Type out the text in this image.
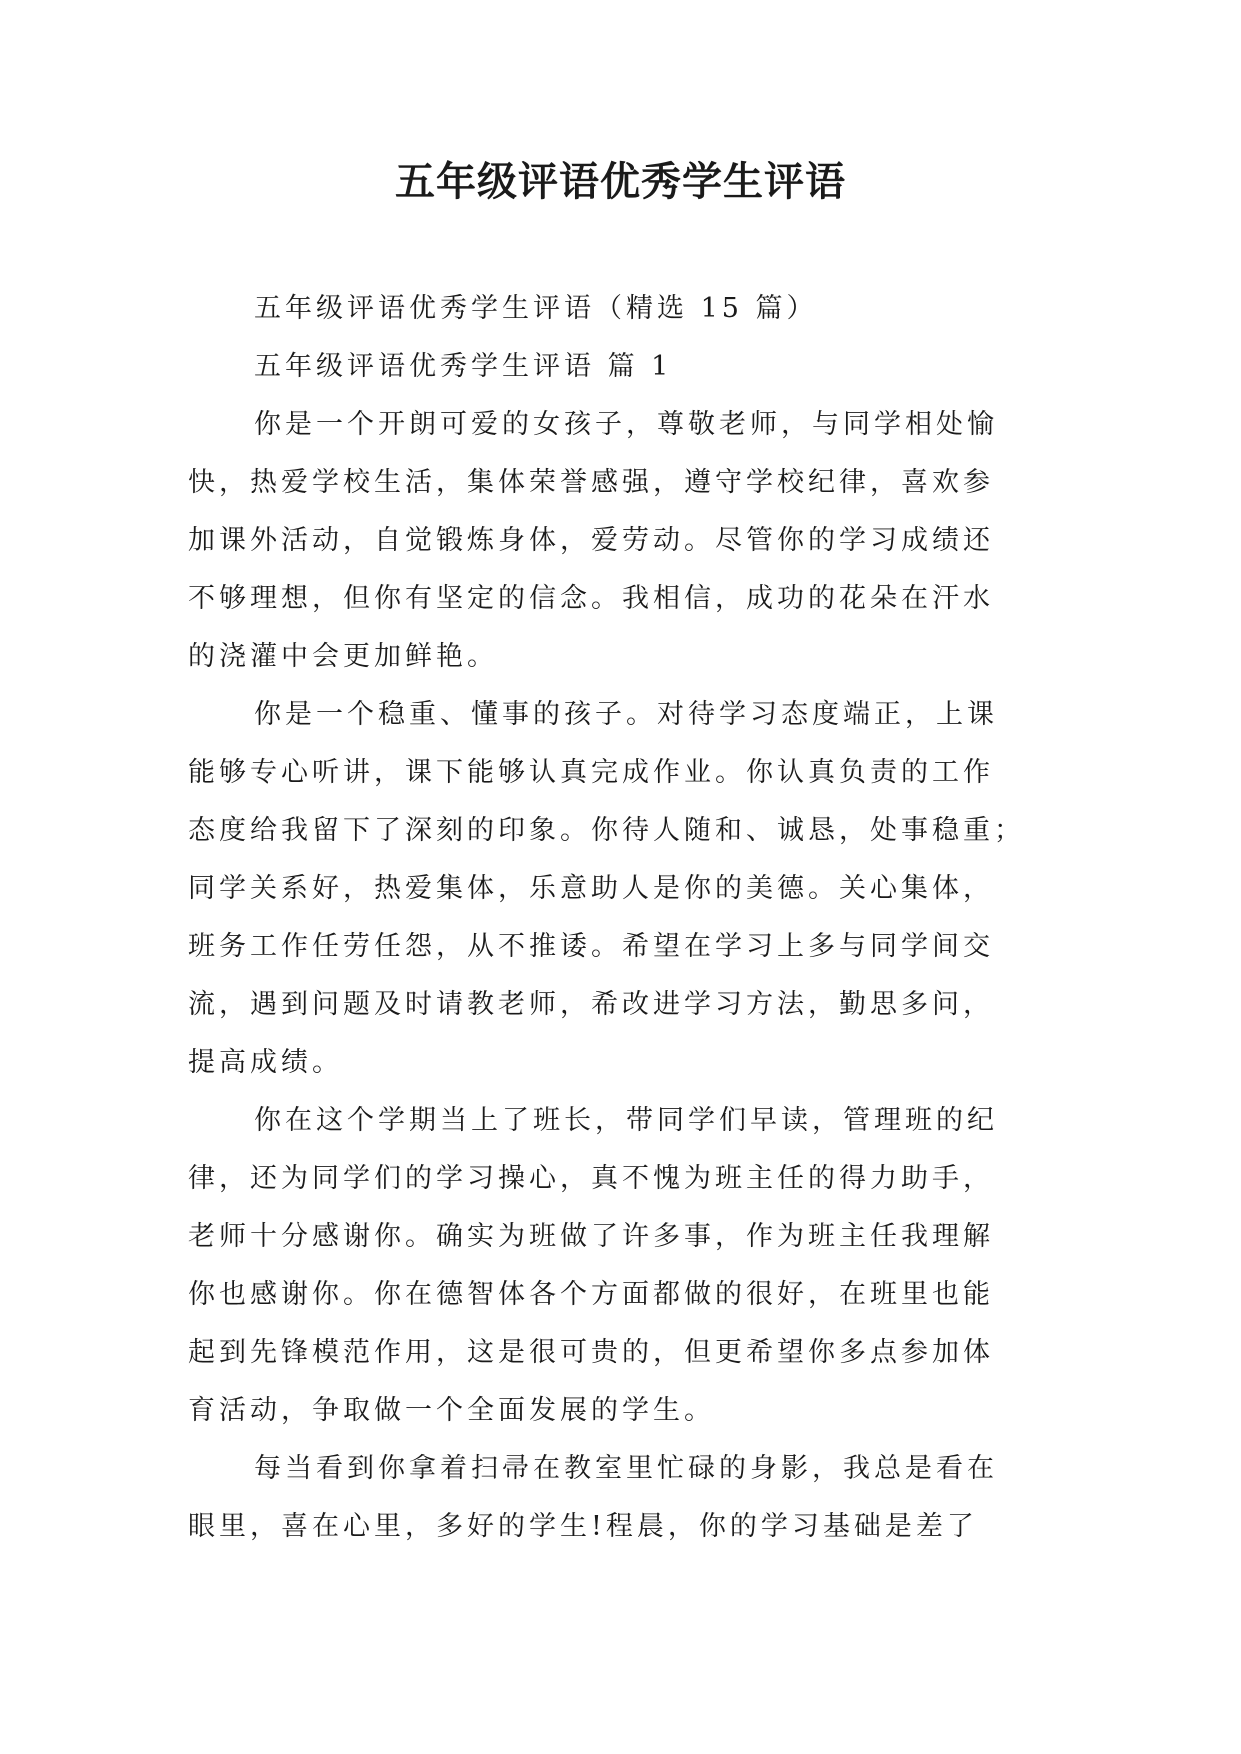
五年级评语优秀学生评语
五年级评语优秀学生评语（精选 15 篇）
五年级评语优秀学生评语 篇 1
你是一个开朗可爱的女孩子，尊敬老师，与同学相处愉
快，热爱学校生活，集体荣誉感强，遵守学校纪律，喜欢参
加课外活动，自觉锻炼身体，爱劳动。尽管你的学习成绩还
不够理想，但你有坚定的信念。我相信，成功的花朵在汗水
的浇灌中会更加鲜艳。
你是一个稳重、懂事的孩子。对待学习态度端正，上课
能够专心听讲，课下能够认真完成作业。你认真负责的工作
态度给我留下了深刻的印象。你待人随和、诚恳，处事稳重；
同学关系好，热爱集体，乐意助人是你的美德。关心集体，
班务工作任劳任怨，从不推诿。希望在学习上多与同学间交
流，遇到问题及时请教老师，希改进学习方法，勤思多问，
提高成绩。
你在这个学期当上了班长，带同学们早读，管理班的纪
律，还为同学们的学习操心，真不愧为班主任的得力助手，
老师十分感谢你。确实为班做了许多事，作为班主任我理解
你也感谢你。你在德智体各个方面都做的很好，在班里也能
起到先锋模范作用，这是很可贵的，但更希望你多点参加体
育活动，争取做一个全面发展的学生。
每当看到你拿着扫帚在教室里忙碌的身影，我总是看在
眼里，喜在心里，多好的学生!程晨，你的学习基础是差了
